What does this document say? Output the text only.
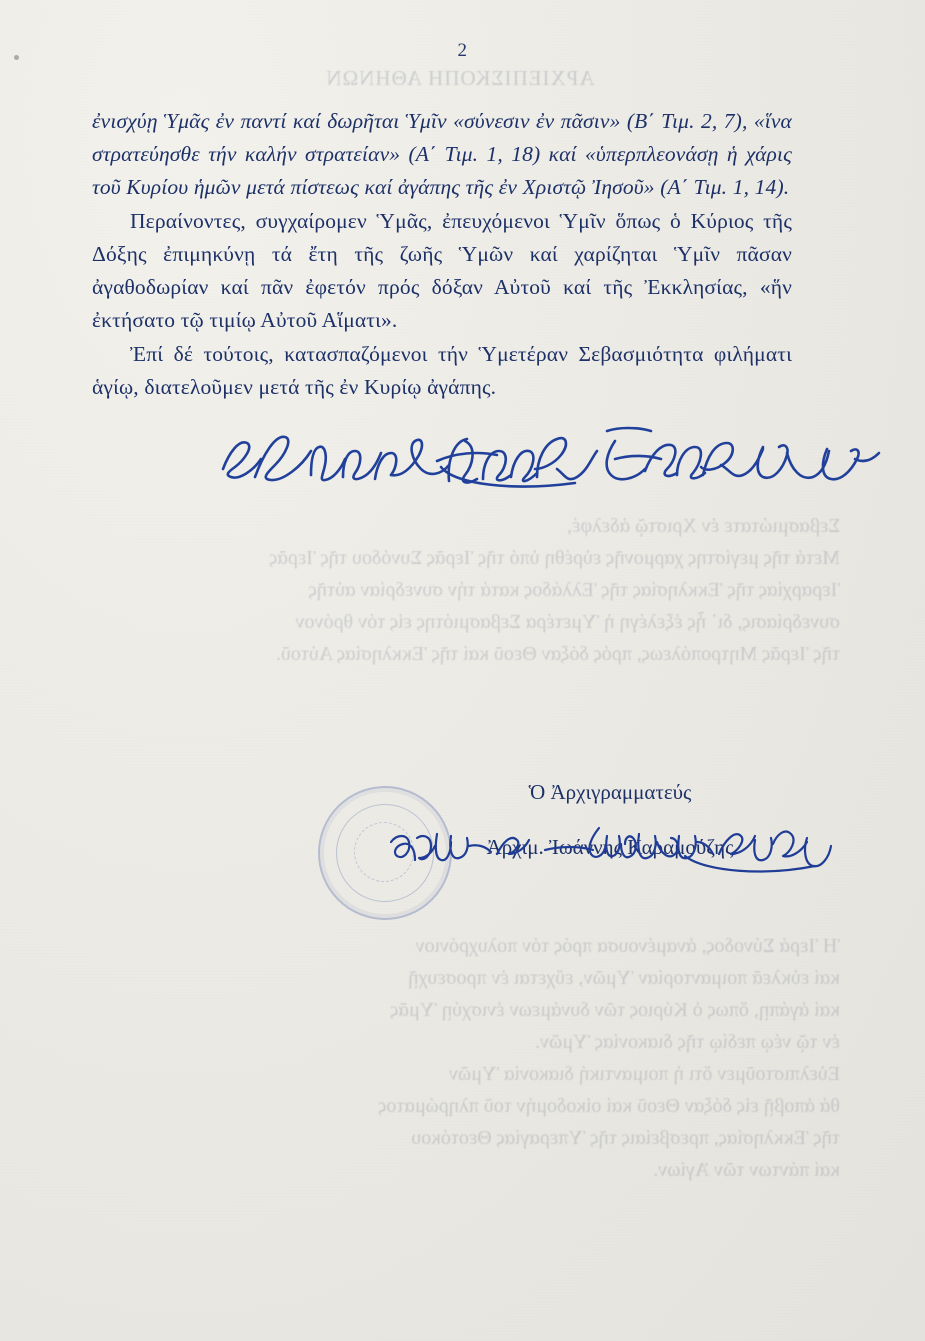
ΑΡΧΙΕΠΙΣΚΟΠΗ ΑΘΗΝΩΝ
Σεβασμιώτατε ἐν Χριστῷ ἀδελφέ,
Μετά τῆς μεγίστης χαρμονῆς εὑρέθη ὑπό τῆς Ἱερᾶς Συνόδου τῆς Ἱερᾶς
Ἱεραρχίας τῆς Ἐκκλησίας τῆς Ἑλλάδος κατά τήν συνεδρίαν αὐτῆς
συνεδρίασις, δι᾿ ἧς ἐξελέγη ἡ Ὑμετέρα Σεβασμιότης εἰς τόν θρόνον
τῆς Ἱερᾶς Μητροπόλεως, πρός δόξαν Θεοῦ καί τῆς Ἐκκλησίας Αὐτοῦ.
Ἡ Ἱερά Σύνοδος, ἀναμένουσα πρός τόν πολυχρόνιον
καί εὐκλεᾶ ποιμαντορίαν Ὑμῶν, εὔχεται ἐν προσευχῇ
καί ἀγάπῃ, ὅπως ὁ Κύριος τῶν δυνάμεων ἐνισχύῃ Ὑμᾶς
ἐν τῷ νέῳ πεδίῳ τῆς διακονίας Ὑμῶν.
Εὐελπιστοῦμεν ὅτι ἡ ποιμαντική διακονία Ὑμῶν
θά ἀποβῇ εἰς δόξαν Θεοῦ καί οἰκοδομήν τοῦ πληρώματος
τῆς Ἐκκλησίας, πρεσβείαις τῆς Ὑπεραγίας Θεοτόκου
καί πάντων τῶν Ἁγίων.
2

ἐνισχύῃ Ὑμᾶς ἐν παντί καί δωρῆται Ὑμῖν «σύνεσιν ἐν πᾶσιν» (Β΄ Τιμ. 2, 7), «ἵνα στρατεύησθε τήν καλήν στρατείαν» (Α΄ Τιμ. 1, 18) καί «ὑπερπλεονάσῃ ἡ χάρις τοῦ Κυρίου ἡμῶν μετά πίστεως καί ἀγάπης τῆς ἐν Χριστῷ Ἰησοῦ» (Α΄ Τιμ. 1, 14).

Περαίνοντες, συγχαίρομεν Ὑμᾶς, ἐπευχόμενοι Ὑμῖν ὅπως ὁ Κύριος τῆς Δόξης ἐπιμηκύνῃ τά ἔτη τῆς ζωῆς Ὑμῶν καί χαρίζηται Ὑμῖν πᾶσαν ἀγαθοδωρίαν καί πᾶν ἐφετόν πρός δόξαν Αὐτοῦ καί τῆς Ἐκκλησίας, «ἥν ἐκτήσατο τῷ τιμίῳ Αὐτοῦ Αἵματι».

Ἐπί δέ τούτοις, κατασπαζόμενοι τήν Ὑμετέραν Σεβασμιότητα φιλήματι ἁγίῳ, διατελοῦμεν μετά τῆς ἐν Κυρίῳ ἀγάπης.

Ὁ Ἀρχιγραμματεύς
Ἀρχιμ. Ἰωάννης Καραμούζης
